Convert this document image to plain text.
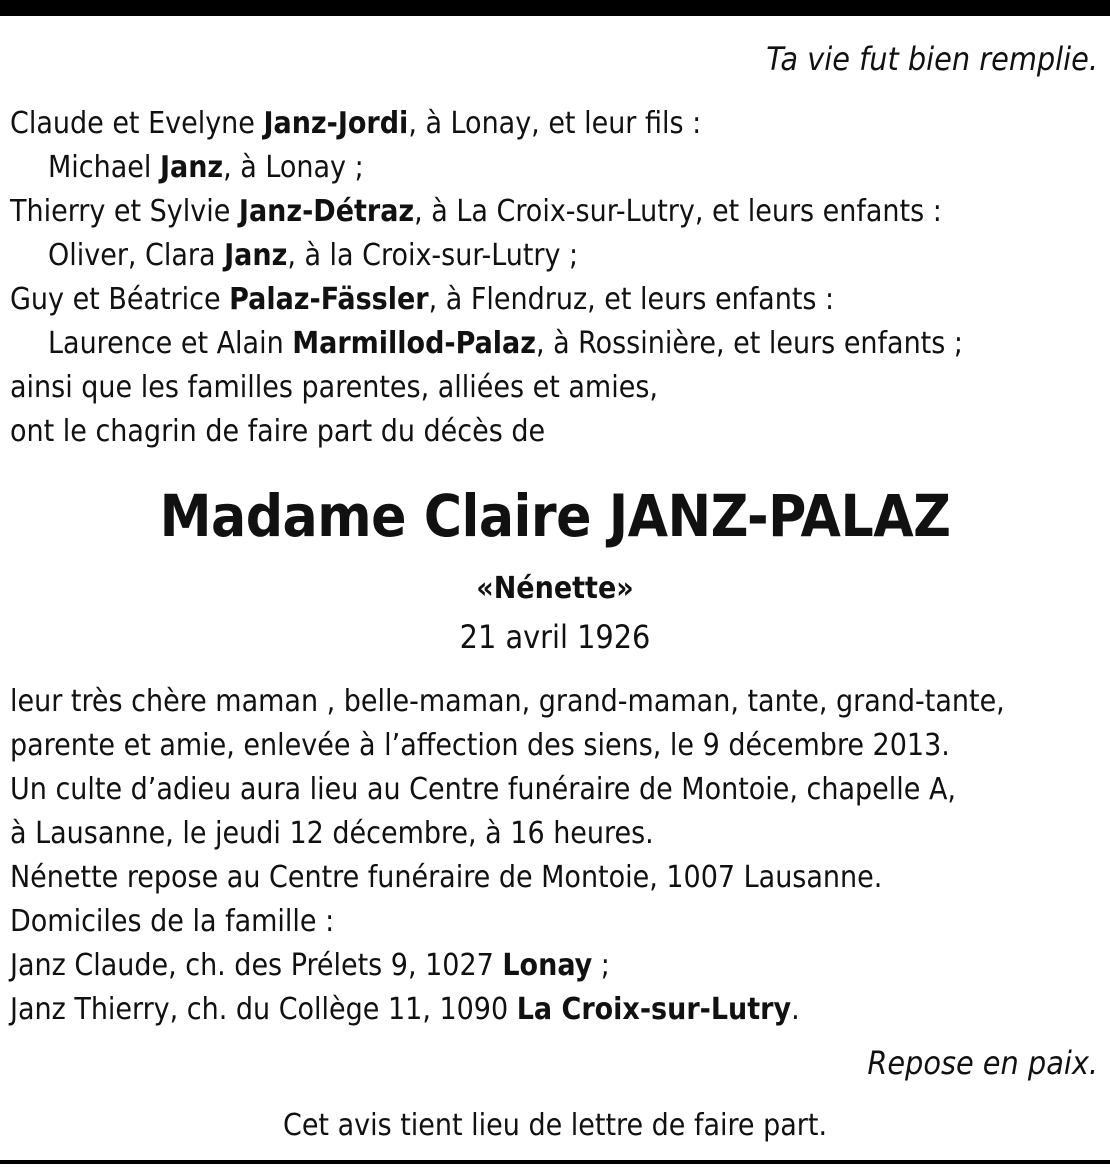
Ta vie fut bien remplie.
Claude et Evelyne Janz-Jordi, à Lonay, et leur fils :
Michael Janz, à Lonay ;
Thierry et Sylvie Janz-Détraz, à La Croix-sur-Lutry, et leurs enfants :
Oliver, Clara Janz, à la Croix-sur-Lutry ;
Guy et Béatrice Palaz-Fässler, à Flendruz, et leurs enfants :
Laurence et Alain Marmillod-Palaz, à Rossinière, et leurs enfants ;
ainsi que les familles parentes, alliées et amies,
ont le chagrin de faire part du décès de
Madame Claire JANZ-PALAZ
«Nénette»
21 avril 1926
leur très chère maman , belle-maman, grand-maman, tante, grand-tante,
parente et amie, enlevée à l’affection des siens, le 9 décembre 2013.
Un culte d’adieu aura lieu au Centre funéraire de Montoie, chapelle A,
à Lausanne, le jeudi 12 décembre, à 16 heures.
Nénette repose au Centre funéraire de Montoie, 1007 Lausanne.
Domiciles de la famille :
Janz Claude, ch. des Prélets 9, 1027 Lonay ;
Janz Thierry, ch. du Collège 11, 1090 La Croix-sur-Lutry.
Repose en paix.
Cet avis tient lieu de lettre de faire part.
